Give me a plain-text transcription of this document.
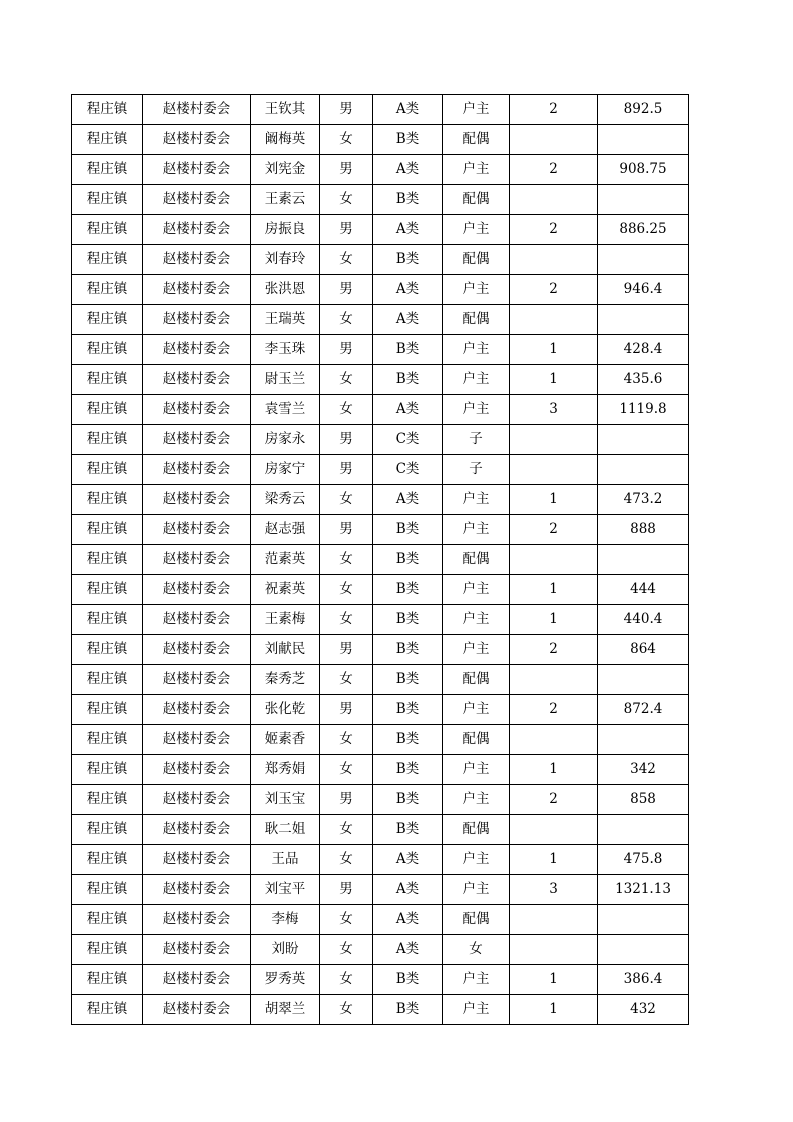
程庄镇	赵楼村委会	王钦其	男	A类	户主	2	892.5
程庄镇	赵楼村委会	阚梅英	女	B类	配偶		
程庄镇	赵楼村委会	刘宪金	男	A类	户主	2	908.75
程庄镇	赵楼村委会	王素云	女	B类	配偶		
程庄镇	赵楼村委会	房振良	男	A类	户主	2	886.25
程庄镇	赵楼村委会	刘春玲	女	B类	配偶		
程庄镇	赵楼村委会	张洪恩	男	A类	户主	2	946.4
程庄镇	赵楼村委会	王瑞英	女	A类	配偶		
程庄镇	赵楼村委会	李玉珠	男	B类	户主	1	428.4
程庄镇	赵楼村委会	尉玉兰	女	B类	户主	1	435.6
程庄镇	赵楼村委会	袁雪兰	女	A类	户主	3	1119.8
程庄镇	赵楼村委会	房家永	男	C类	子		
程庄镇	赵楼村委会	房家宁	男	C类	子		
程庄镇	赵楼村委会	梁秀云	女	A类	户主	1	473.2
程庄镇	赵楼村委会	赵志强	男	B类	户主	2	888
程庄镇	赵楼村委会	范素英	女	B类	配偶		
程庄镇	赵楼村委会	祝素英	女	B类	户主	1	444
程庄镇	赵楼村委会	王素梅	女	B类	户主	1	440.4
程庄镇	赵楼村委会	刘献民	男	B类	户主	2	864
程庄镇	赵楼村委会	秦秀芝	女	B类	配偶		
程庄镇	赵楼村委会	张化乾	男	B类	户主	2	872.4
程庄镇	赵楼村委会	姬素香	女	B类	配偶		
程庄镇	赵楼村委会	郑秀娟	女	B类	户主	1	342
程庄镇	赵楼村委会	刘玉宝	男	B类	户主	2	858
程庄镇	赵楼村委会	耿二姐	女	B类	配偶		
程庄镇	赵楼村委会	王品	女	A类	户主	1	475.8
程庄镇	赵楼村委会	刘宝平	男	A类	户主	3	1321.13
程庄镇	赵楼村委会	李梅	女	A类	配偶		
程庄镇	赵楼村委会	刘盼	女	A类	女		
程庄镇	赵楼村委会	罗秀英	女	B类	户主	1	386.4
程庄镇	赵楼村委会	胡翠兰	女	B类	户主	1	432
